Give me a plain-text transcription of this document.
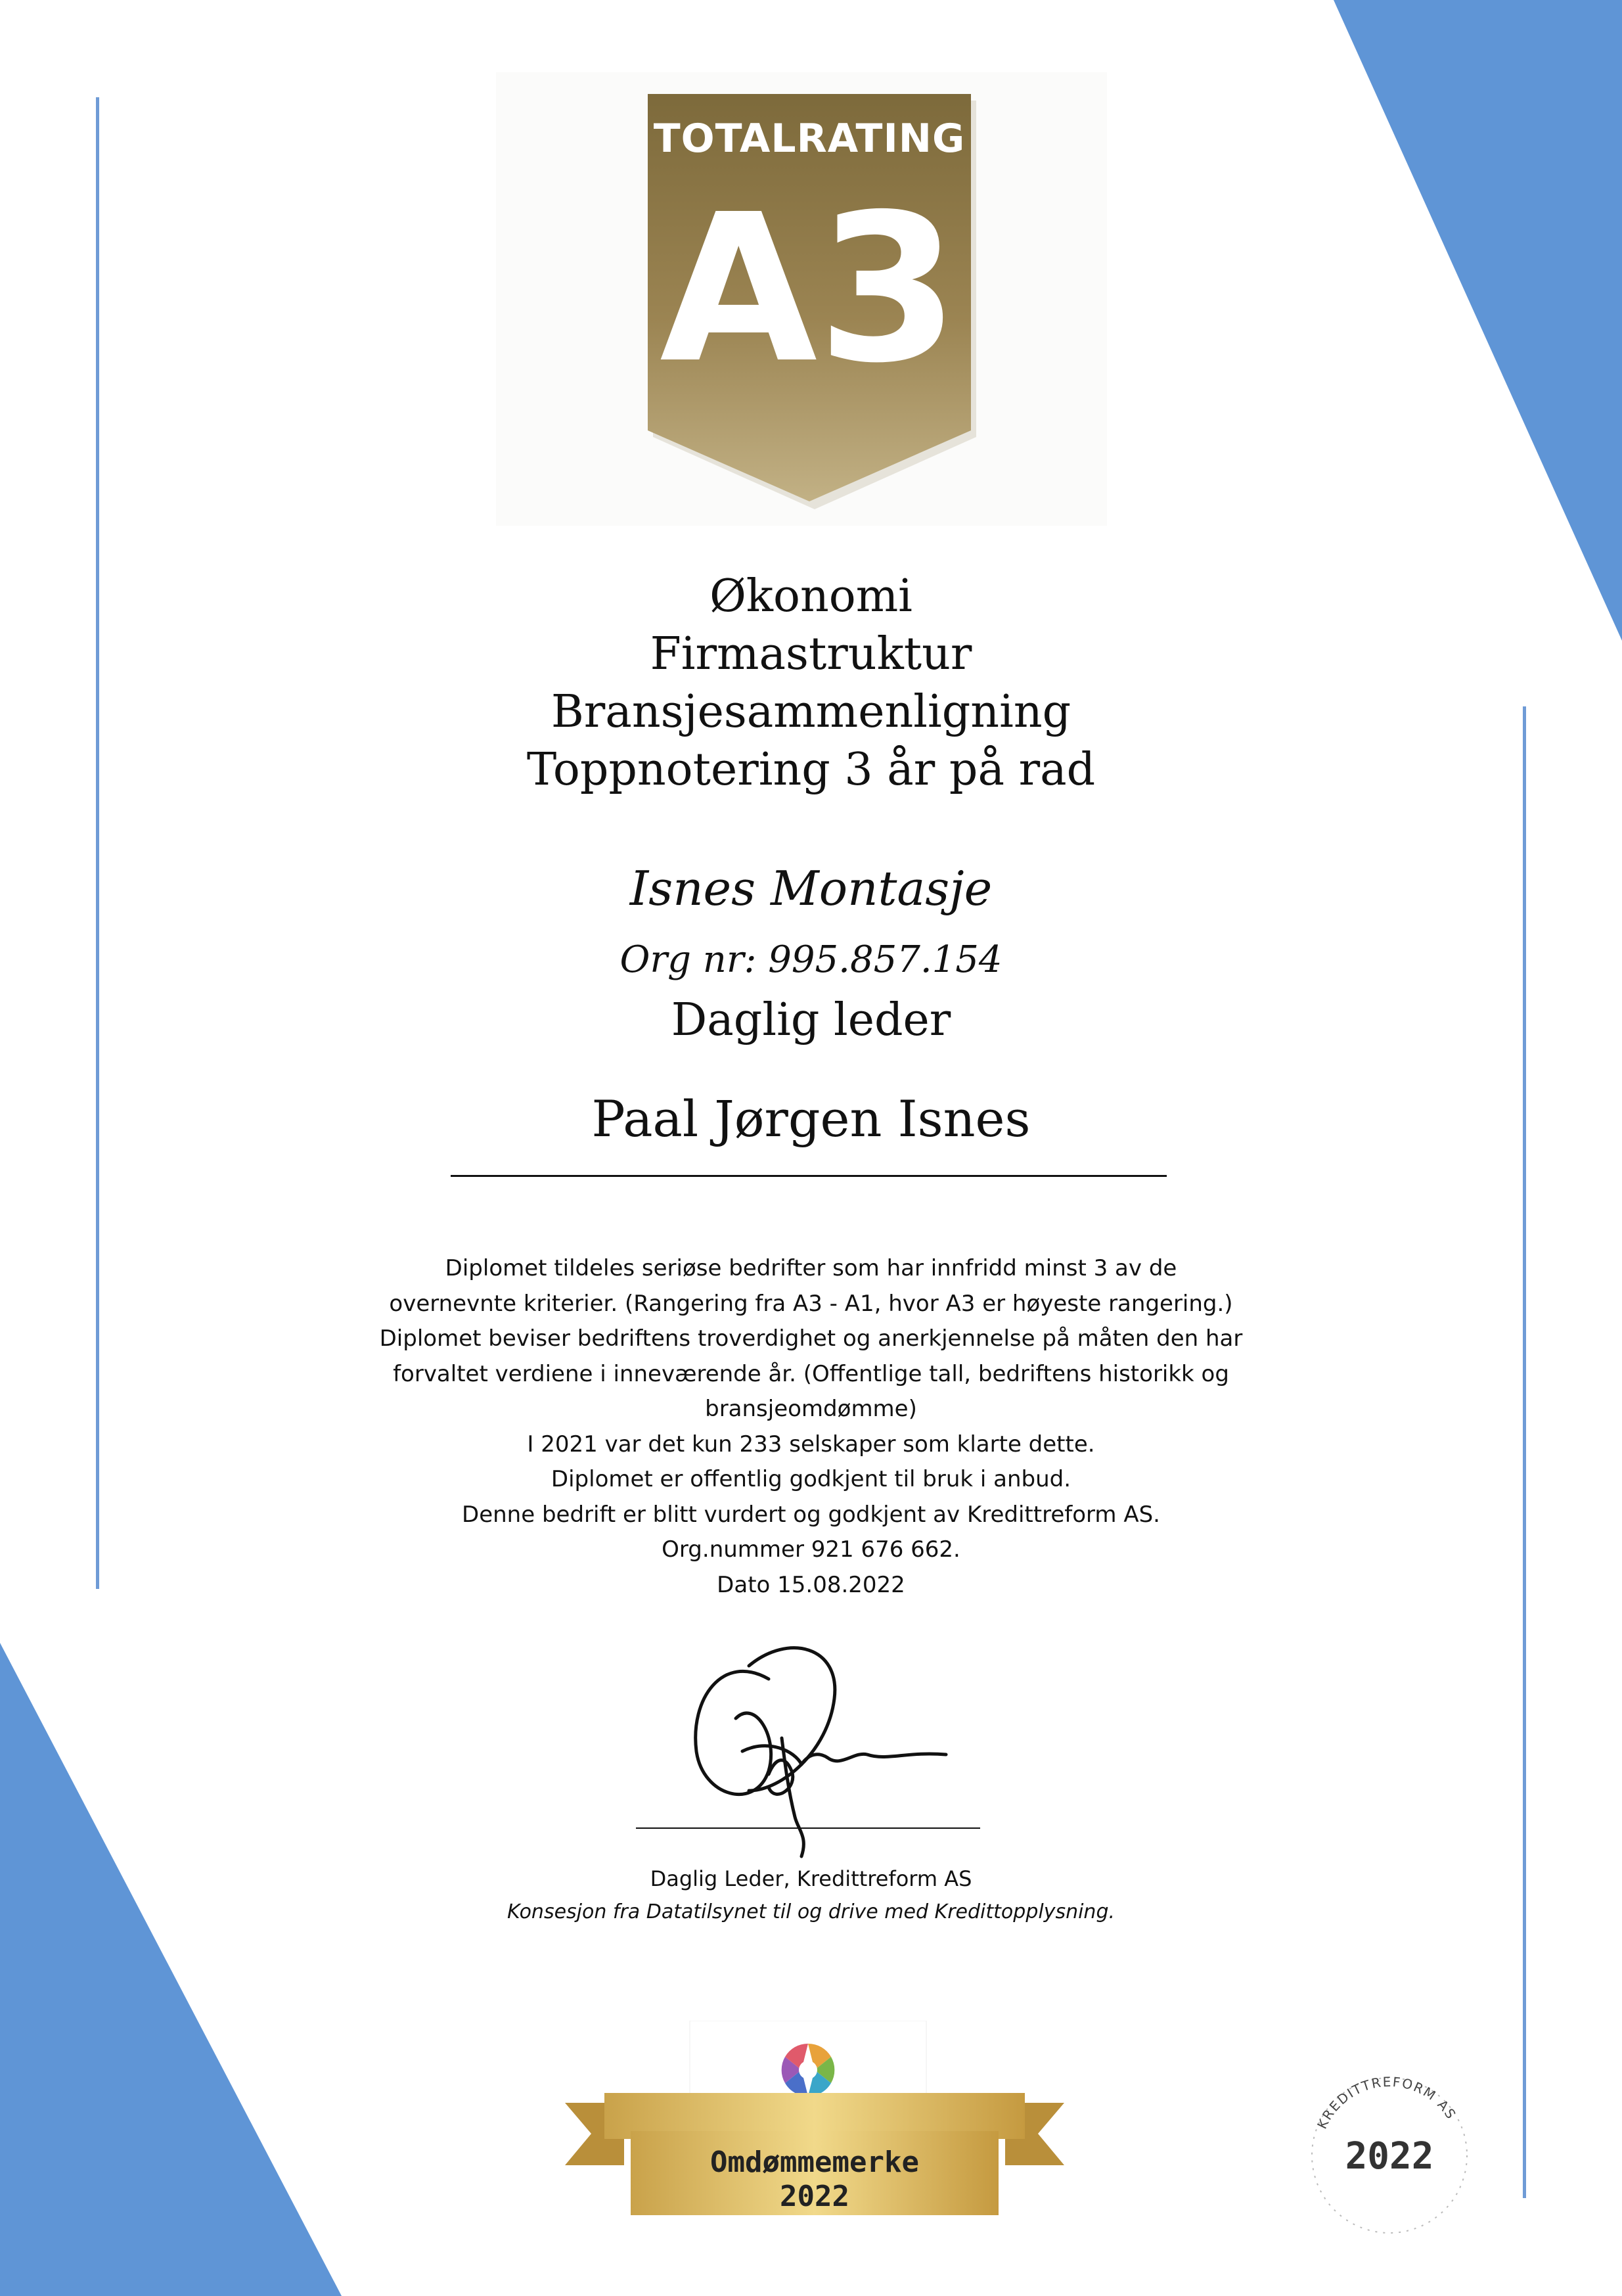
TOTALRATING
A3
Økonomi
Firmastruktur
Bransjesammenligning
Toppnotering 3 år på rad
Isnes Montasje
Org nr: 995.857.154
Daglig leder
Paal Jørgen Isnes
Diplomet tildeles seriøse bedrifter som har innfridd minst 3 av de
overnevnte kriterier. (Rangering fra A3 - A1, hvor A3 er høyeste rangering.)
Diplomet beviser bedriftens troverdighet og anerkjennelse på måten den har
forvaltet verdiene i inneværende år. (Offentlige tall, bedriftens historikk og
bransjeomdømme)
I 2021 var det kun 233 selskaper som klarte dette.
Diplomet er offentlig godkjent til bruk i anbud.
Denne bedrift er blitt vurdert og godkjent av Kredittreform AS.
Org.nummer 921 676 662.
Dato 15.08.2022
Daglig Leder, Kredittreform AS
Konsesjon fra Datatilsynet til og drive med Kredittopplysning.
Omdømmemerke
2022
KREDITTREFORM AS
2022
